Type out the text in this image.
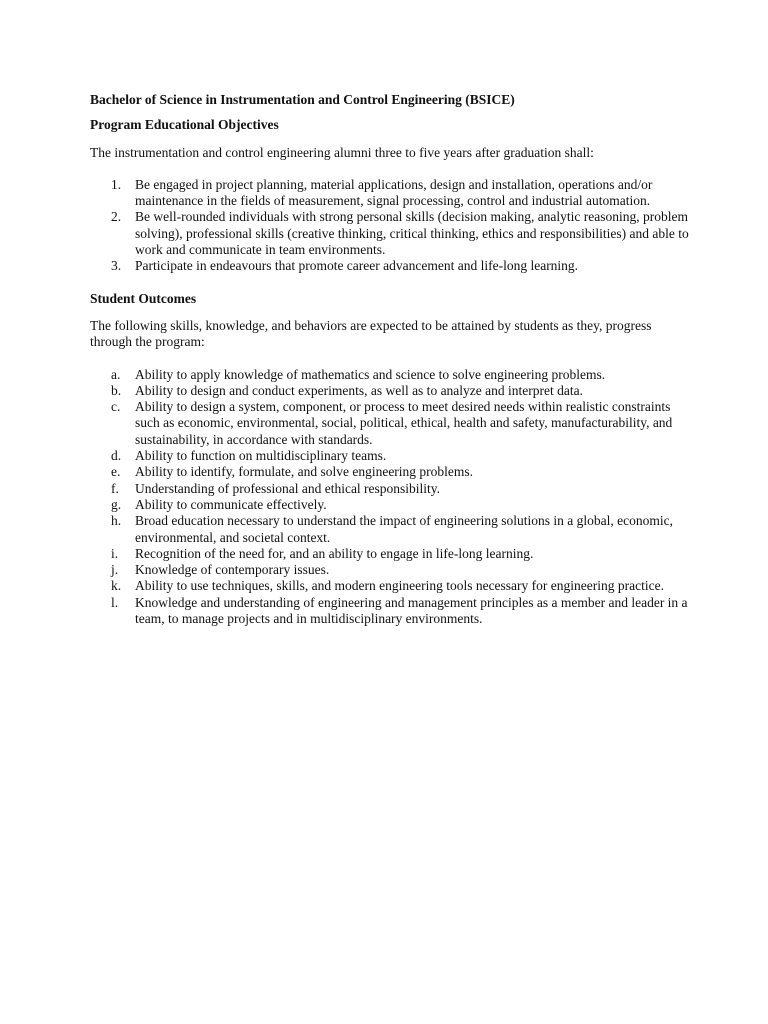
Bachelor of Science in Instrumentation and Control Engineering (BSICE)

Program Educational Objectives

The instrumentation and control engineering alumni three to five years after graduation shall:

1. Be engaged in project planning, material applications, design and installation, operations and/or maintenance in the fields of measurement, signal processing, control and industrial automation.
2. Be well-rounded individuals with strong personal skills (decision making, analytic reasoning, problem solving), professional skills (creative thinking, critical thinking, ethics and responsibilities) and able to work and communicate in team environments.
3. Participate in endeavours that promote career advancement and life-long learning.

Student Outcomes

The following skills, knowledge, and behaviors are expected to be attained by students as they, progress through the program:

a. Ability to apply knowledge of mathematics and science to solve engineering problems.
b. Ability to design and conduct experiments, as well as to analyze and interpret data.
c. Ability to design a system, component, or process to meet desired needs within realistic constraints such as economic, environmental, social, political, ethical, health and safety, manufacturability, and sustainability, in accordance with standards.
d. Ability to function on multidisciplinary teams.
e. Ability to identify, formulate, and solve engineering problems.
f. Understanding of professional and ethical responsibility.
g. Ability to communicate effectively.
h. Broad education necessary to understand the impact of engineering solutions in a global, economic, environmental, and societal context.
i. Recognition of the need for, and an ability to engage in life-long learning.
j. Knowledge of contemporary issues.
k. Ability to use techniques, skills, and modern engineering tools necessary for engineering practice.
l. Knowledge and understanding of engineering and management principles as a member and leader in a team, to manage projects and in multidisciplinary environments.
